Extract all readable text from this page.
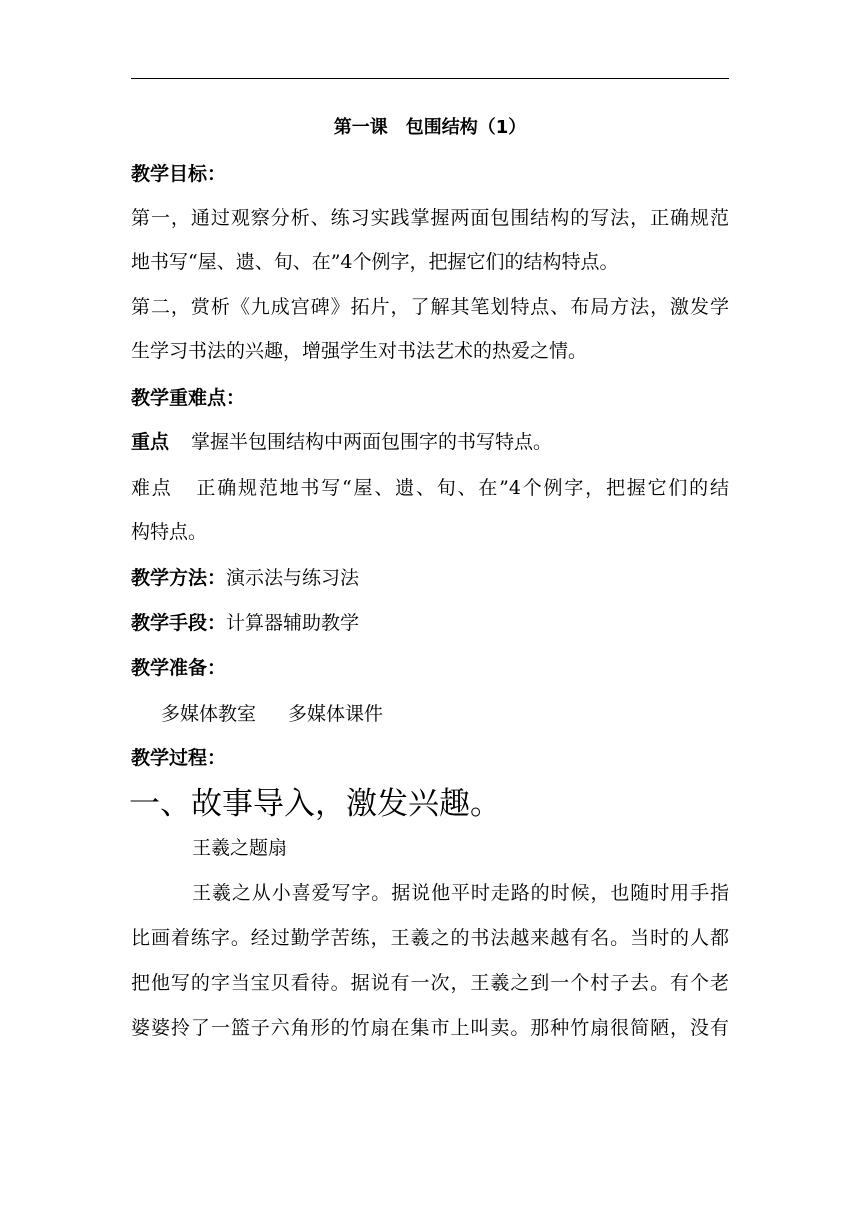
第一课　包围结构（1）
教学目标：
第一，通过观察分析、练习实践掌握两面包围结构的写法，正确规范
地书写“屋、遗、旬、在”4个例字，把握它们的结构特点。
第二，赏析《九成宫碑》拓片，了解其笔划特点、布局方法，激发学
生学习书法的兴趣，增强学生对书法艺术的热爱之情。
教学重难点：
重点 掌握半包围结构中两面包围字的书写特点。
难点 正确规范地书写“屋、遗、旬、在”4个例字，把握它们的结
构特点。
教学方法：演示法与练习法
教学手段：计算器辅助教学
教学准备：
多媒体教室 多媒体课件
教学过程：
一、故事导入，激发兴趣。
王羲之题扇
王羲之从小喜爱写字。据说他平时走路的时候，也随时用手指
比画着练字。经过勤学苦练，王羲之的书法越来越有名。当时的人都
把他写的字当宝贝看待。据说有一次，王羲之到一个村子去。有个老
婆婆拎了一篮子六角形的竹扇在集市上叫卖。那种竹扇很简陋，没有
